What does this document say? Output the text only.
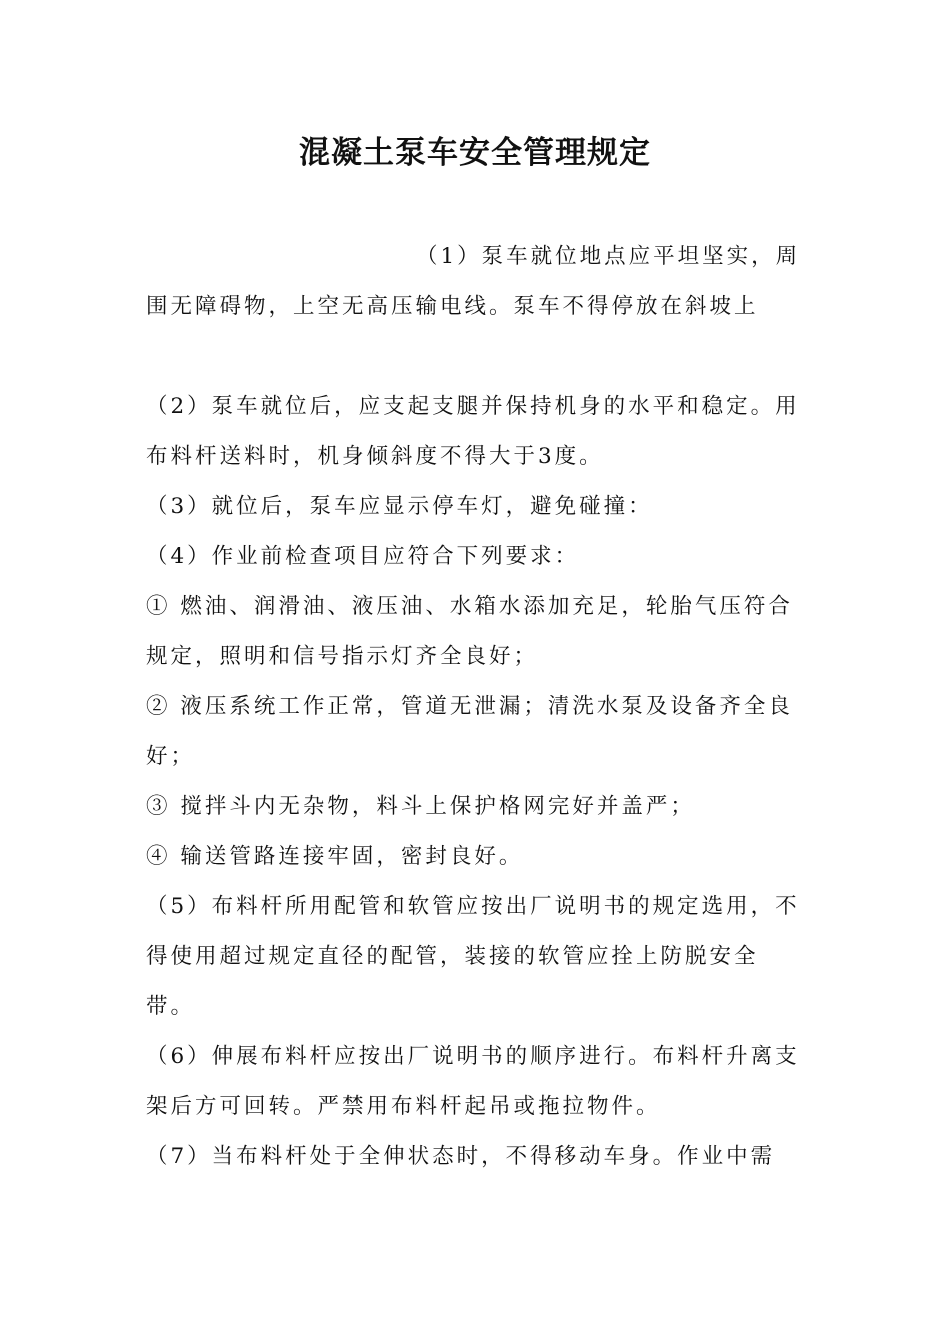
混凝土泵车安全管理规定

（1）泵车就位地点应平坦坚实，周围无障碍物，上空无高压输电线。泵车不得停放在斜坡上

（2）泵车就位后，应支起支腿并保持机身的水平和稳定。用布料杆送料时，机身倾斜度不得大于3度。

（3）就位后，泵车应显示停车灯，避免碰撞：

（4）作业前检查项目应符合下列要求：

① 燃油、润滑油、液压油、水箱水添加充足，轮胎气压符合规定，照明和信号指示灯齐全良好；

② 液压系统工作正常，管道无泄漏；清洗水泵及设备齐全良好；

③ 搅拌斗内无杂物，料斗上保护格网完好并盖严；

④ 输送管路连接牢固，密封良好。

（5）布料杆所用配管和软管应按出厂说明书的规定选用，不得使用超过规定直径的配管，装接的软管应拴上防脱安全带。

（6）伸展布料杆应按出厂说明书的顺序进行。布料杆升离支架后方可回转。严禁用布料杆起吊或拖拉物件。

（7）当布料杆处于全伸状态时，不得移动车身。作业中需
